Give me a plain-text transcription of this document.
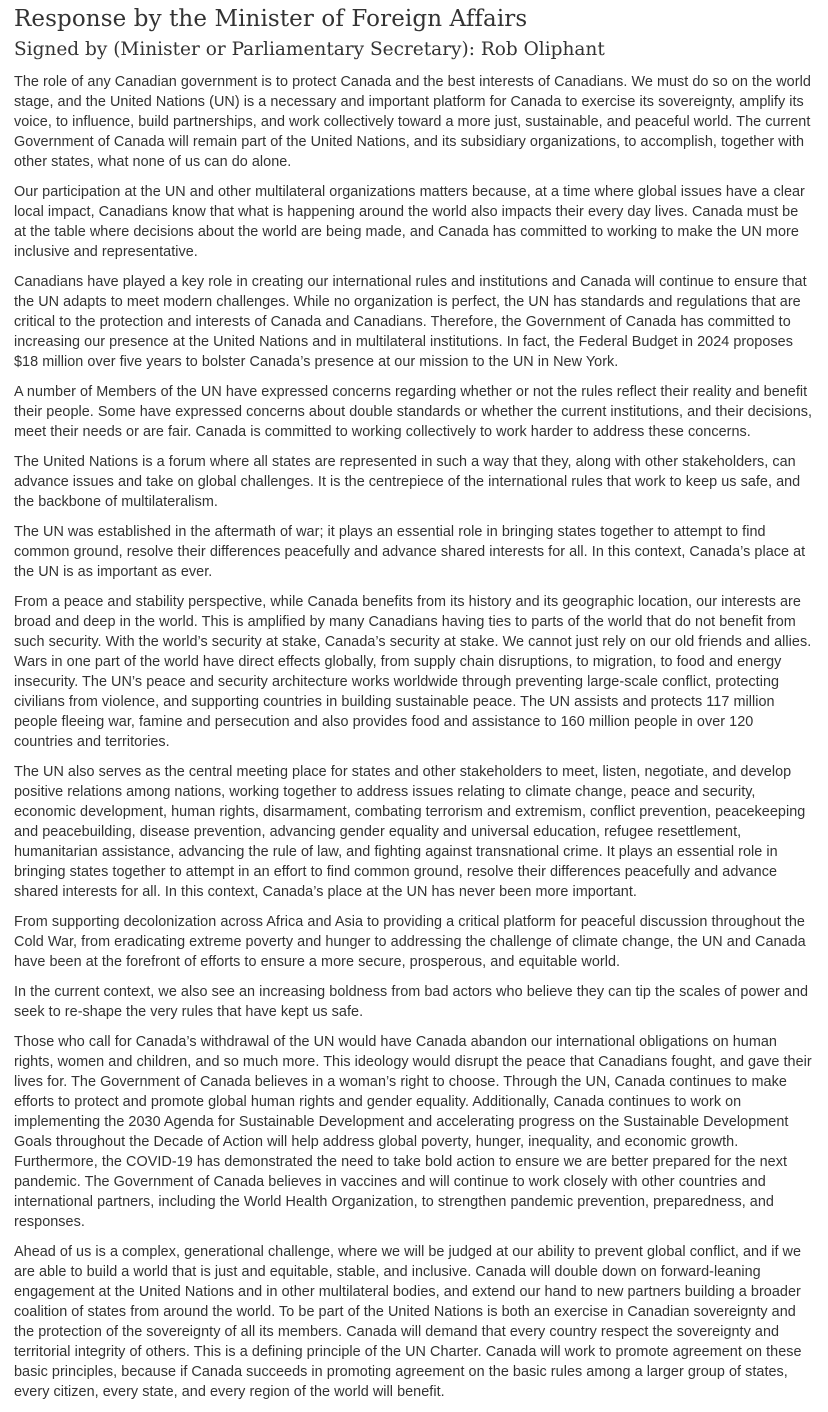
Response by the Minister of Foreign Affairs
Signed by (Minister or Parliamentary Secretary): Rob Oliphant

The role of any Canadian government is to protect Canada and the best interests of Canadians. We must do so on the world stage, and the United Nations (UN) is a necessary and important platform for Canada to exercise its sovereignty, amplify its voice, to influence, build partnerships, and work collectively toward a more just, sustainable, and peaceful world. The current Government of Canada will remain part of the United Nations, and its subsidiary organizations, to accomplish, together with other states, what none of us can do alone.

Our participation at the UN and other multilateral organizations matters because, at a time where global issues have a clear local impact, Canadians know that what is happening around the world also impacts their every day lives. Canada must be at the table where decisions about the world are being made, and Canada has committed to working to make the UN more inclusive and representative.

Canadians have played a key role in creating our international rules and institutions and Canada will continue to ensure that the UN adapts to meet modern challenges. While no organization is perfect, the UN has standards and regulations that are critical to the protection and interests of Canada and Canadians. Therefore, the Government of Canada has committed to increasing our presence at the United Nations and in multilateral institutions. In fact, the Federal Budget in 2024 proposes $18 million over five years to bolster Canada’s presence at our mission to the UN in New York.

A number of Members of the UN have expressed concerns regarding whether or not the rules reflect their reality and benefit their people. Some have expressed concerns about double standards or whether the current institutions, and their decisions, meet their needs or are fair. Canada is committed to working collectively to work harder to address these concerns.

The United Nations is a forum where all states are represented in such a way that they, along with other stakeholders, can advance issues and take on global challenges. It is the centrepiece of the international rules that work to keep us safe, and the backbone of multilateralism.

The UN was established in the aftermath of war; it plays an essential role in bringing states together to attempt to find common ground, resolve their differences peacefully and advance shared interests for all. In this context, Canada’s place at the UN is as important as ever.

From a peace and stability perspective, while Canada benefits from its history and its geographic location, our interests are broad and deep in the world. This is amplified by many Canadians having ties to parts of the world that do not benefit from such security. With the world’s security at stake, Canada’s security at stake. We cannot just rely on our old friends and allies. Wars in one part of the world have direct effects globally, from supply chain disruptions, to migration, to food and energy insecurity. The UN’s peace and security architecture works worldwide through preventing large-scale conflict, protecting civilians from violence, and supporting countries in building sustainable peace. The UN assists and protects 117 million people fleeing war, famine and persecution and also provides food and assistance to 160 million people in over 120 countries and territories.

The UN also serves as the central meeting place for states and other stakeholders to meet, listen, negotiate, and develop positive relations among nations, working together to address issues relating to climate change, peace and security, economic development, human rights, disarmament, combating terrorism and extremism, conflict prevention, peacekeeping and peacebuilding, disease prevention, advancing gender equality and universal education, refugee resettlement, humanitarian assistance, advancing the rule of law, and fighting against transnational crime. It plays an essential role in bringing states together to attempt in an effort to find common ground, resolve their differences peacefully and advance shared interests for all. In this context, Canada’s place at the UN has never been more important.

From supporting decolonization across Africa and Asia to providing a critical platform for peaceful discussion throughout the Cold War, from eradicating extreme poverty and hunger to addressing the challenge of climate change, the UN and Canada have been at the forefront of efforts to ensure a more secure, prosperous, and equitable world.

In the current context, we also see an increasing boldness from bad actors who believe they can tip the scales of power and seek to re-shape the very rules that have kept us safe.

Those who call for Canada’s withdrawal of the UN would have Canada abandon our international obligations on human rights, women and children, and so much more. This ideology would disrupt the peace that Canadians fought, and gave their lives for. The Government of Canada believes in a woman’s right to choose. Through the UN, Canada continues to make efforts to protect and promote global human rights and gender equality. Additionally, Canada continues to work on implementing the 2030 Agenda for Sustainable Development and accelerating progress on the Sustainable Development Goals throughout the Decade of Action will help address global poverty, hunger, inequality, and economic growth. Furthermore, the COVID-19 has demonstrated the need to take bold action to ensure we are better prepared for the next pandemic. The Government of Canada believes in vaccines and will continue to work closely with other countries and international partners, including the World Health Organization, to strengthen pandemic prevention, preparedness, and responses.

Ahead of us is a complex, generational challenge, where we will be judged at our ability to prevent global conflict, and if we are able to build a world that is just and equitable, stable, and inclusive. Canada will double down on forward-leaning engagement at the United Nations and in other multilateral bodies, and extend our hand to new partners building a broader coalition of states from around the world. To be part of the United Nations is both an exercise in Canadian sovereignty and the protection of the sovereignty of all its members. Canada will demand that every country respect the sovereignty and territorial integrity of others. This is a defining principle of the UN Charter. Canada will work to promote agreement on these basic principles, because if Canada succeeds in promoting agreement on the basic rules among a larger group of states, every citizen, every state, and every region of the world will benefit.
